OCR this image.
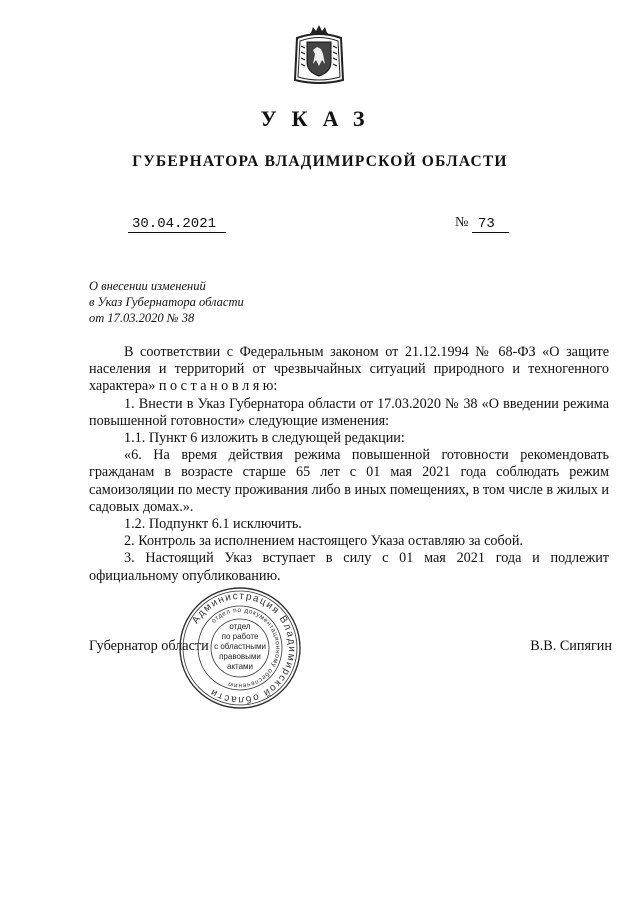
УКАЗ
ГУБЕРНАТОРА ВЛАДИМИРСКОЙ ОБЛАСТИ
30.04.2021	№ 73
О внесении изменений
в Указ Губернатора области
от 17.03.2020 № 38

В соответствии с Федеральным законом от 21.12.1994 № 68-ФЗ «О защите населения и территорий от чрезвычайных ситуаций природного и техногенного характера» п о с т а н о в л я ю:

1. Внести в Указ Губернатора области от 17.03.2020 № 38 «О введении режима повышенной готовности» следующие изменения:

1.1. Пункт 6 изложить в следующей редакции:

«6. На время действия режима повышенной готовности рекомендовать гражданам в возрасте старше 65 лет с 01 мая 2021 года соблюдать режим самоизоляции по месту проживания либо в иных помещениях, в том числе в жилых и садовых домах.».

1.2. Подпункт 6.1 исключить.

2. Контроль за исполнением настоящего Указа оставляю за собой.

3. Настоящий Указ вступает в силу с 01 мая 2021 года и подлежит официальному опубликованию.

Губернатор области	В.В. Сипягин
Администрация Владимирской области
отдел по документационному обеспечению
отдел
по работе
с областными
правовыми
актами
